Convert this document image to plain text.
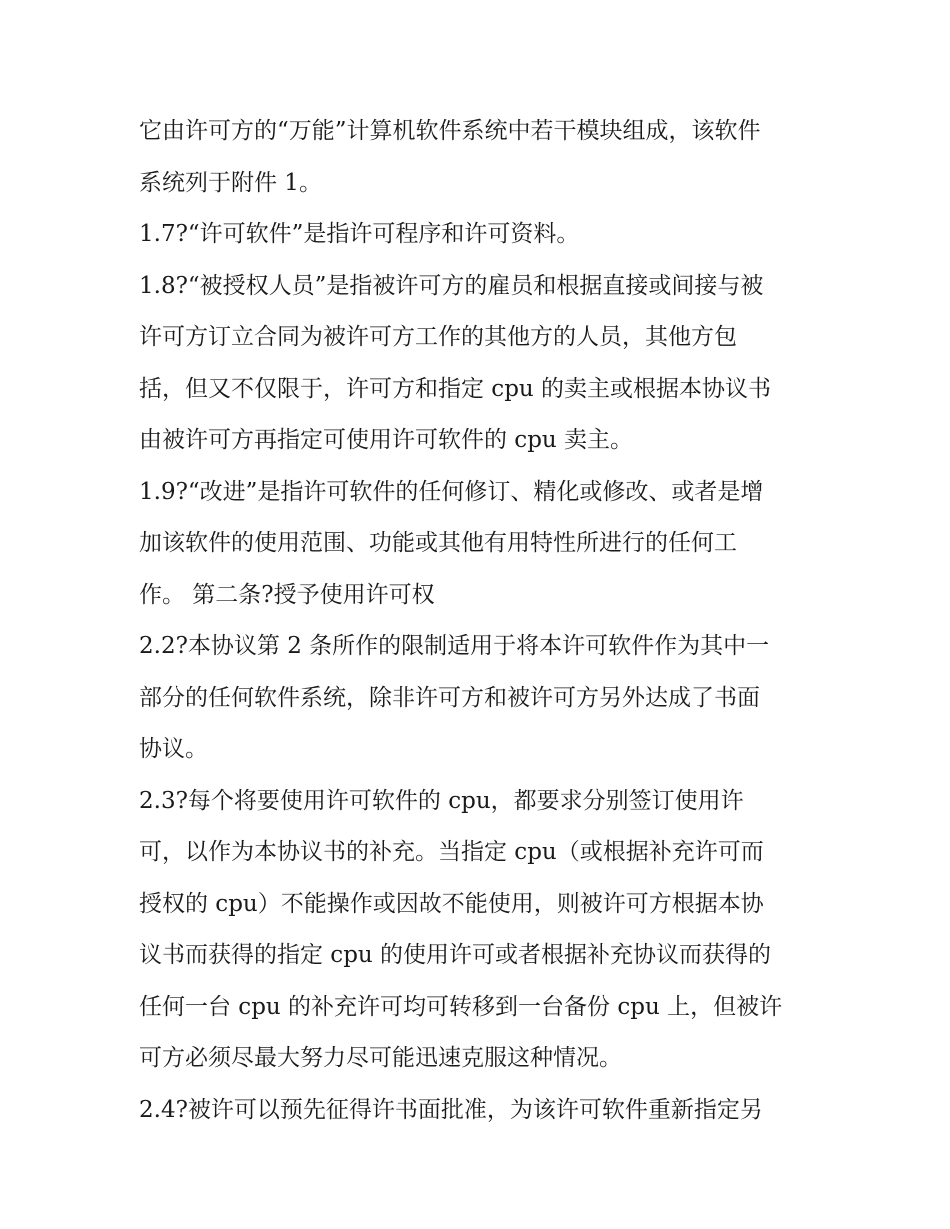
它由许可方的“万能”计算机软件系统中若干模块组成，该软件
系统列于附件 1。
1.7?“许可软件”是指许可程序和许可资料。
1.8?“被授权人员”是指被许可方的雇员和根据直接或间接与被
许可方订立合同为被许可方工作的其他方的人员，其他方包
括，但又不仅限于，许可方和指定 cpu 的卖主或根据本协议书
由被许可方再指定可使用许可软件的 cpu 卖主。
1.9?“改进”是指许可软件的任何修订、精化或修改、或者是增
加该软件的使用范围、功能或其他有用特性所进行的任何工
作。 第二条?授予使用许可权
2.2?本协议第 2 条所作的限制适用于将本许可软件作为其中一
部分的任何软件系统，除非许可方和被许可方另外达成了书面
协议。
2.3?每个将要使用许可软件的 cpu，都要求分别签订使用许
可，以作为本协议书的补充。当指定 cpu（或根据补充许可而
授权的 cpu）不能操作或因故不能使用，则被许可方根据本协
议书而获得的指定 cpu 的使用许可或者根据补充协议而获得的
任何一台 cpu 的补充许可均可转移到一台备份 cpu 上，但被许
可方必须尽最大努力尽可能迅速克服这种情况。
2.4?被许可以预先征得许书面批准，为该许可软件重新指定另
